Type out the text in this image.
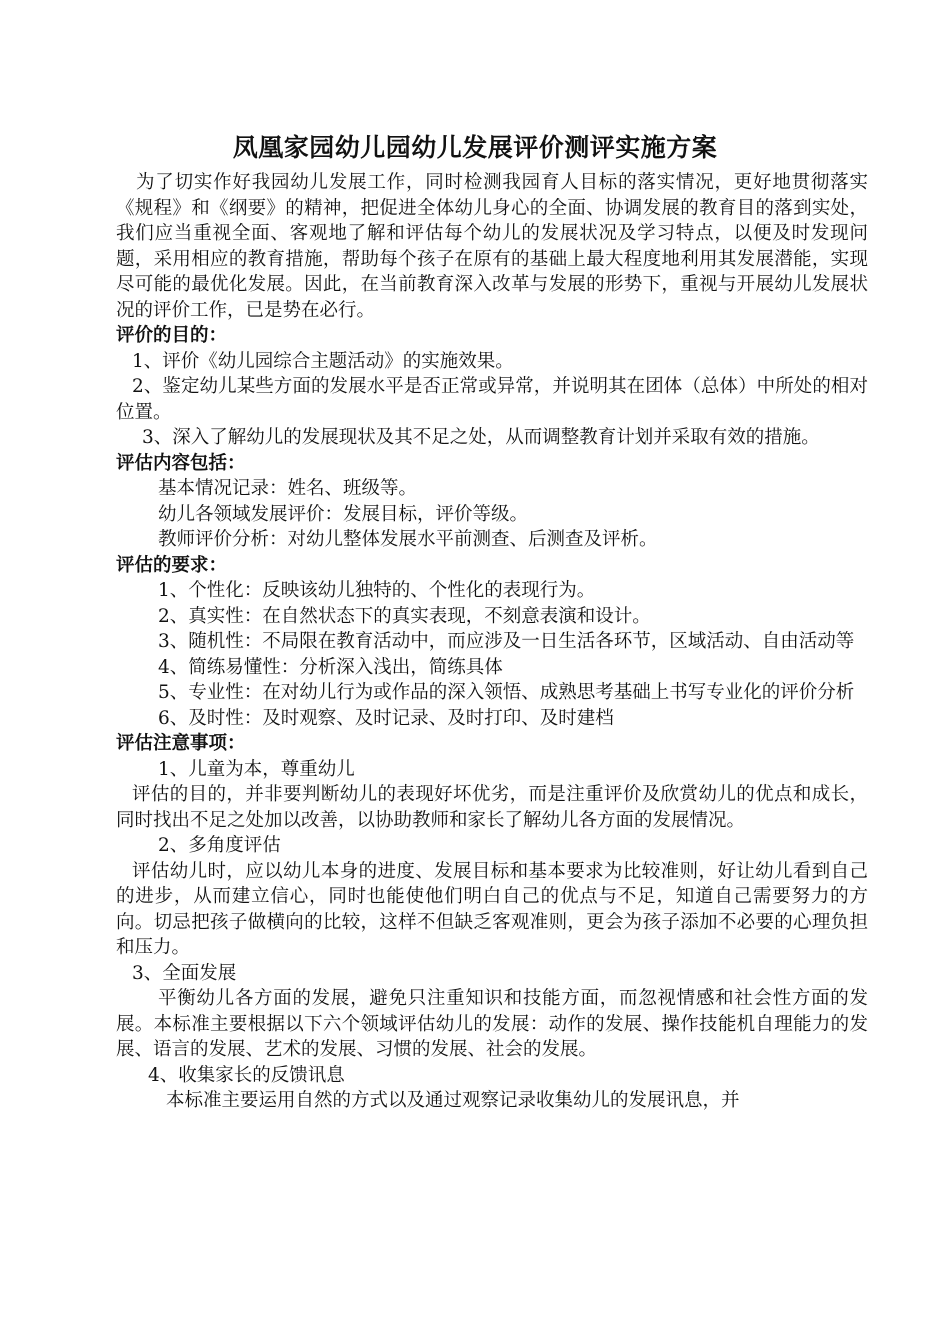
凤凰家园幼儿园幼儿发展评价测评实施方案

为了切实作好我园幼儿发展工作，同时检测我园育人目标的落实情况，更好地贯彻落实《规程》和《纲要》的精神，把促进全体幼儿身心的全面、协调发展的教育目的落到实处，我们应当重视全面、客观地了解和评估每个幼儿的发展状况及学习特点，以便及时发现问题，采用相应的教育措施，帮助每个孩子在原有的基础上最大程度地利用其发展潜能，实现尽可能的最优化发展。因此，在当前教育深入改革与发展的形势下，重视与开展幼儿发展状况的评价工作，已是势在必行。

评价的目的：

1、评价《幼儿园综合主题活动》的实施效果。

2、鉴定幼儿某些方面的发展水平是否正常或异常，并说明其在团体（总体）中所处的相对位置。

3、深入了解幼儿的发展现状及其不足之处，从而调整教育计划并采取有效的措施。

评估内容包括：

基本情况记录：姓名、班级等。

幼儿各领域发展评价：发展目标，评价等级。

教师评价分析：对幼儿整体发展水平前测查、后测查及评析。

评估的要求：

1、个性化：反映该幼儿独特的、个性化的表现行为。

2、真实性：在自然状态下的真实表现，不刻意表演和设计。

3、随机性：不局限在教育活动中，而应涉及一日生活各环节，区域活动、自由活动等

4、简练易懂性：分析深入浅出，简练具体

5、专业性：在对幼儿行为或作品的深入领悟、成熟思考基础上书写专业化的评价分析

6、及时性：及时观察、及时记录、及时打印、及时建档

评估注意事项：

1、儿童为本，尊重幼儿

评估的目的，并非要判断幼儿的表现好坏优劣，而是注重评价及欣赏幼儿的优点和成长，同时找出不足之处加以改善，以协助教师和家长了解幼儿各方面的发展情况。

2、多角度评估

评估幼儿时，应以幼儿本身的进度、发展目标和基本要求为比较准则，好让幼儿看到自己的进步，从而建立信心，同时也能使他们明白自己的优点与不足，知道自己需要努力的方向。切忌把孩子做横向的比较，这样不但缺乏客观准则，更会为孩子添加不必要的心理负担和压力。

3、全面发展

平衡幼儿各方面的发展，避免只注重知识和技能方面，而忽视情感和社会性方面的发展。本标准主要根据以下六个领域评估幼儿的发展：动作的发展、操作技能机自理能力的发展、语言的发展、艺术的发展、习惯的发展、社会的发展。

4、收集家长的反馈讯息

本标准主要运用自然的方式以及通过观察记录收集幼儿的发展讯息，并
